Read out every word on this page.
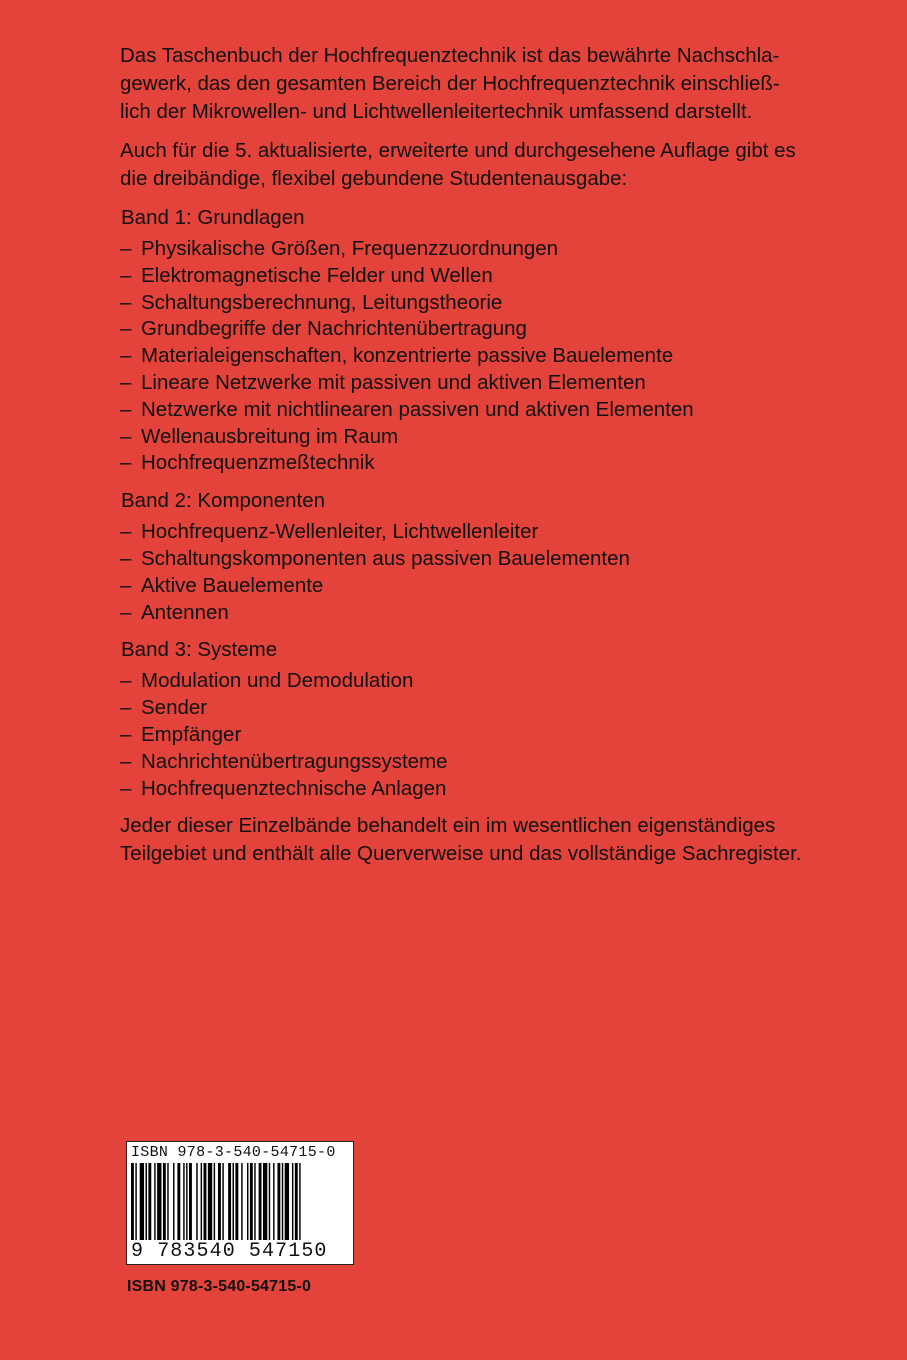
Das Taschenbuch der Hochfrequenztechnik ist das bewährte Nachschla-
gewerk, das den gesamten Bereich der Hochfrequenztechnik einschließ-
lich der Mikrowellen- und Lichtwellenleitertechnik umfassend darstellt.

Auch für die 5. aktualisierte, erweiterte und durchgesehene Auflage gibt es
die dreibändige, flexibel gebundene Studentenausgabe:

Band 1: Grundlagen
– Physikalische Größen, Frequenzzuordnungen
– Elektromagnetische Felder und Wellen
– Schaltungsberechnung, Leitungstheorie
– Grundbegriffe der Nachrichtenübertragung
– Materialeigenschaften, konzentrierte passive Bauelemente
– Lineare Netzwerke mit passiven und aktiven Elementen
– Netzwerke mit nichtlinearen passiven und aktiven Elementen
– Wellenausbreitung im Raum
– Hochfrequenzmeßtechnik
Band 2: Komponenten
– Hochfrequenz-Wellenleiter, Lichtwellenleiter
– Schaltungskomponenten aus passiven Bauelementen
– Aktive Bauelemente
– Antennen
Band 3: Systeme
– Modulation und Demodulation
– Sender
– Empfänger
– Nachrichtenübertragungssysteme
– Hochfrequenztechnische Anlagen

Jeder dieser Einzelbände behandelt ein im wesentlichen eigenständiges
Teilgebiet und enthält alle Querverweise und das vollständige Sachregister.

ISBN 978-3-540-54715-0
9 783540 547150
ISBN 978-3-540-54715-0
